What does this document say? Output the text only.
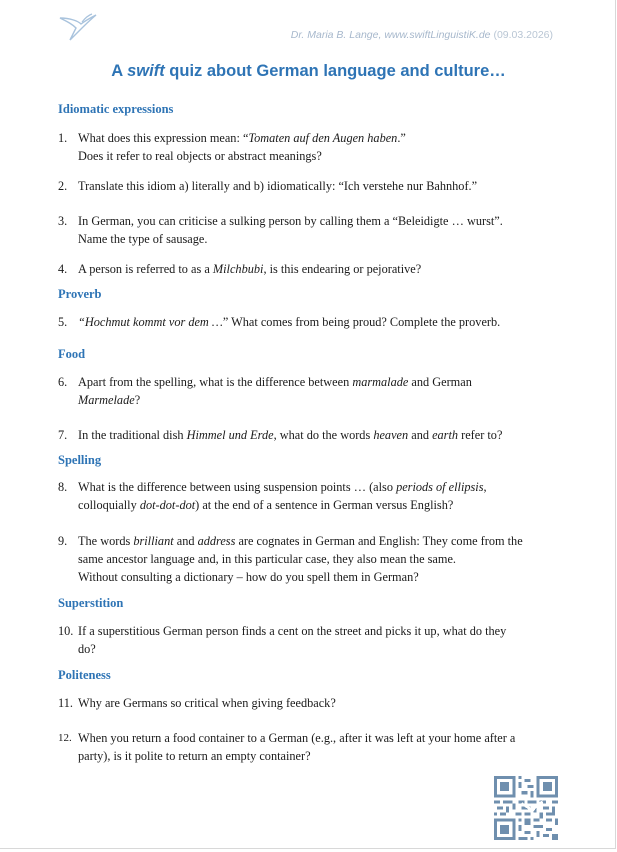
Dr. Maria B. Lange, www.swiftLinguistiK.de (09.03.2026)
A swift quiz about German language and culture…
Idiomatic expressions
1. What does this expression mean: “Tomaten auf den Augen haben.”
Does it refer to real objects or abstract meanings?
2. Translate this idiom a) literally and b) idiomatically: “Ich verstehe nur Bahnhof.”
3. In German, you can criticise a sulking person by calling them a “Beleidigte … wurst”.
Name the type of sausage.
4. A person is referred to as a Milchbubi, is this endearing or pejorative?
Proverb
5. “Hochmut kommt vor dem …” What comes from being proud? Complete the proverb.
Food
6. Apart from the spelling, what is the difference between marmalade and German
Marmelade?
7. In the traditional dish Himmel und Erde, what do the words heaven and earth refer to?
Spelling
8. What is the difference between using suspension points … (also periods of ellipsis,
colloquially dot-dot-dot) at the end of a sentence in German versus English?
9. The words brilliant and address are cognates in German and English: They come from the
same ancestor language and, in this particular case, they also mean the same.
Without consulting a dictionary – how do you spell them in German?
Superstition
10. If a superstitious German person finds a cent on the street and picks it up, what do they
do?
Politeness
11. Why are Germans so critical when giving feedback?
12. When you return a food container to a German (e.g., after it was left at your home after a
party), is it polite to return an empty container?
